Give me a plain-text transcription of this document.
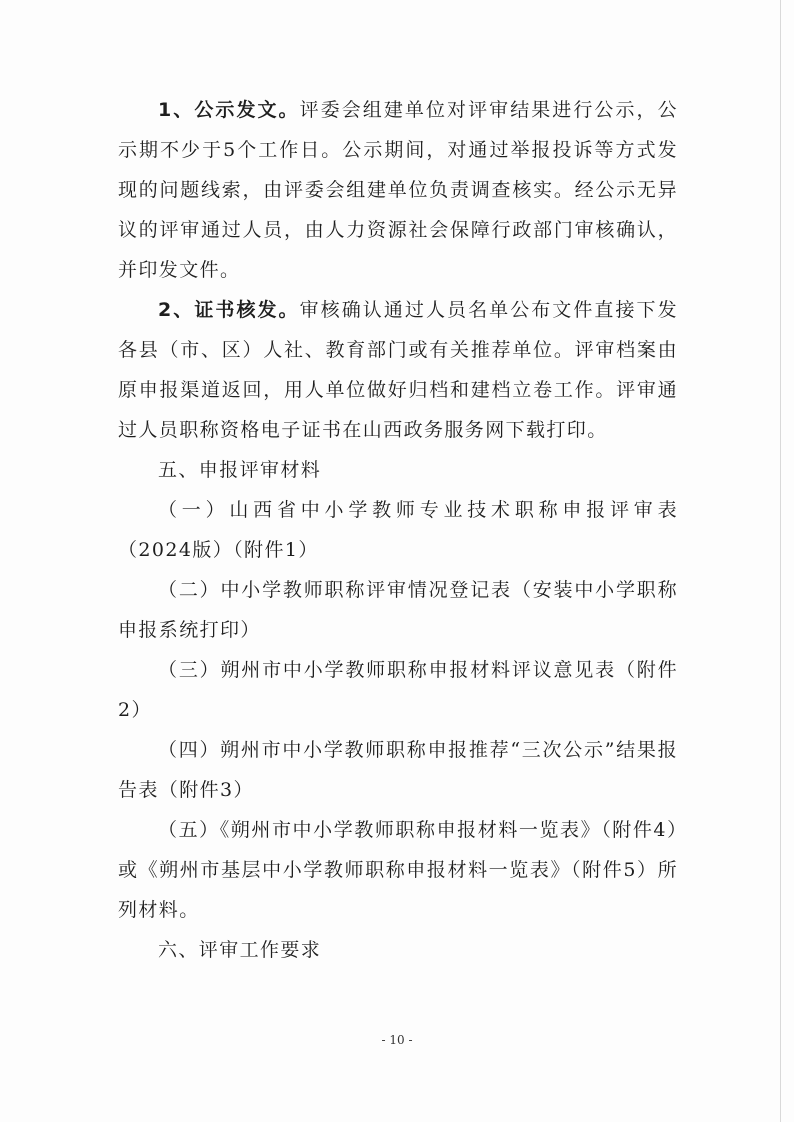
1、公示发文。评委会组建单位对评审结果进行公示，公示期不少于5个工作日。公示期间，对通过举报投诉等方式发现的问题线索，由评委会组建单位负责调查核实。经公示无异议的评审通过人员，由人力资源社会保障行政部门审核确认，并印发文件。

2、证书核发。审核确认通过人员名单公布文件直接下发各县（市、区）人社、教育部门或有关推荐单位。评审档案由原申报渠道返回，用人单位做好归档和建档立卷工作。评审通过人员职称资格电子证书在山西政务服务网下载打印。

五、申报评审材料

（一）山西省中小学教师专业技术职称申报评审表（2024版）（附件1）

（二）中小学教师职称评审情况登记表（安装中小学职称申报系统打印）

（三）朔州市中小学教师职称申报材料评议意见表（附件2）

（四）朔州市中小学教师职称申报推荐“三次公示”结果报告表（附件3）

（五）《朔州市中小学教师职称申报材料一览表》（附件4）或《朔州市基层中小学教师职称申报材料一览表》（附件5）所列材料。

六、评审工作要求

- 10 -
